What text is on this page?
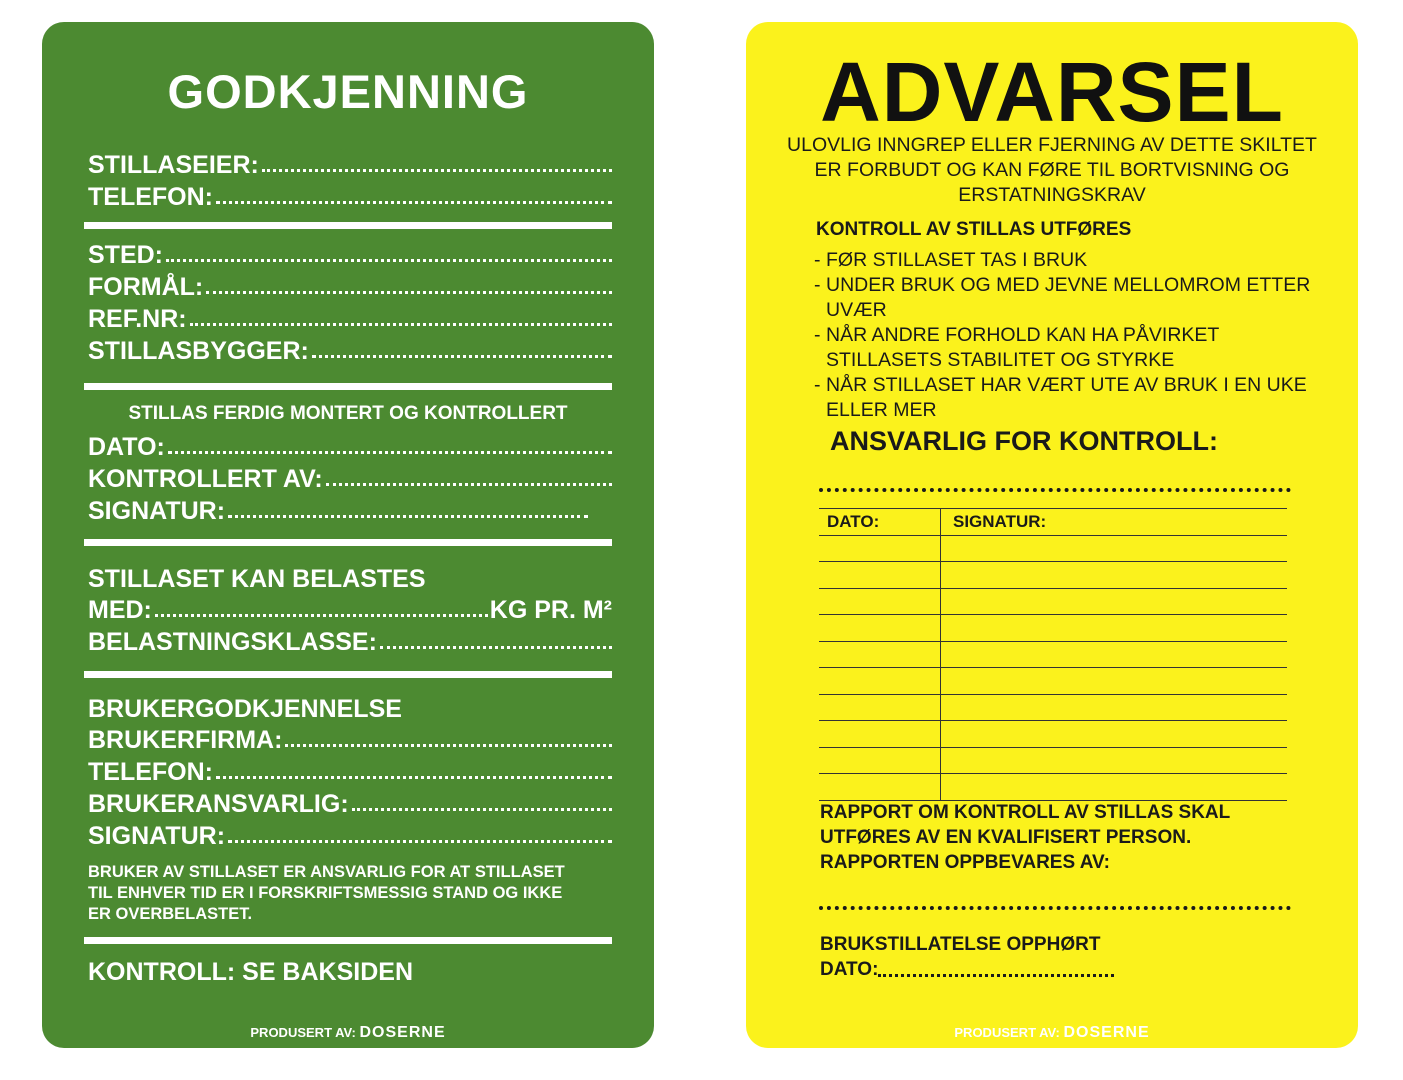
GODKJENNING
STILLASEIER:
TELEFON:
STED:
FORMÅL:
REF.NR:
STILLASBYGGER:
STILLAS FERDIG MONTERT OG KONTROLLERT
DATO:
KONTROLLERT AV:
SIGNATUR:
STILLASET KAN BELASTES
MED:	KG PR. M²
BELASTNINGSKLASSE:
BRUKERGODKJENNELSE
BRUKERFIRMA:
TELEFON:
BRUKERANSVARLIG:
SIGNATUR:
BRUKER AV STILLASET ER ANSVARLIG FOR AT STILLASET TIL ENHVER TID ER I FORSKRIFTSMESSIG STAND OG IKKE ER OVERBELASTET.
KONTROLL: SE BAKSIDEN
PRODUSERT AV: DOSERNE
ADVARSEL
ULOVLIG INNGREP ELLER FJERNING AV DETTE SKILTET ER FORBUDT OG KAN FØRE TIL BORTVISNING OG ERSTATNINGSKRAV
KONTROLL AV STILLAS UTFØRES
- FØR STILLASET TAS I BRUK
- UNDER BRUK OG MED JEVNE MELLOMROM ETTER UVÆR
- NÅR ANDRE FORHOLD KAN HA PÅVIRKET STILLASETS STABILITET OG STYRKE
- NÅR STILLASET HAR VÆRT UTE AV BRUK I EN UKE ELLER MER
ANSVARLIG FOR KONTROLL:
DATO:	SIGNATUR:
RAPPORT OM KONTROLL AV STILLAS SKAL UTFØRES AV EN KVALIFISERT PERSON. RAPPORTEN OPPBEVARES AV:
BRUKSTILLATELSE OPPHØRT
DATO:
PRODUSERT AV: DOSERNE
